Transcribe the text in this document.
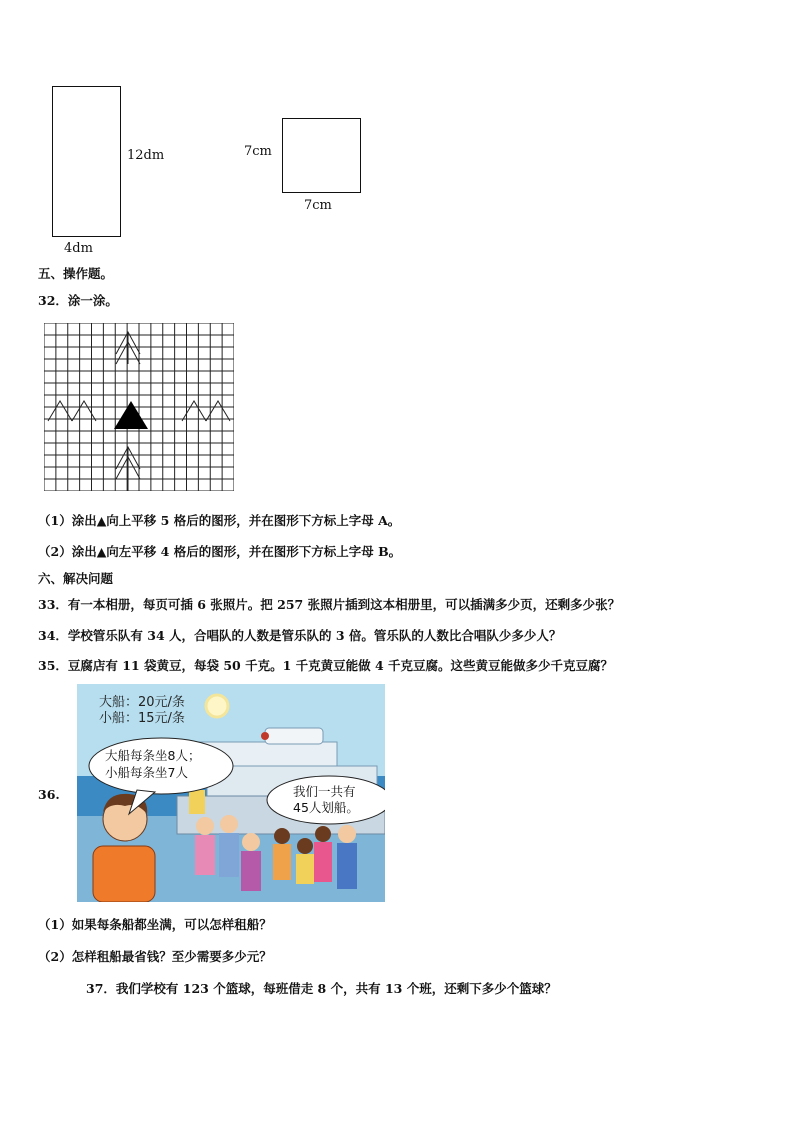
12dm
4dm
7cm
7cm
五、操作题。
32．涂一涂。
（1）涂出▲向上平移 5 格后的图形，并在图形下方标上字母 A。
（2）涂出▲向左平移 4 格后的图形，并在图形下方标上字母 B。
六、解决问题
33．有一本相册，每页可插 6 张照片。把 257 张照片插到这本相册里，可以插满多少页，还剩多少张？
34．学校管乐队有 34 人，合唱队的人数是管乐队的 3 倍。管乐队的人数比合唱队少多少人？
35．豆腐店有 11 袋黄豆，每袋 50 千克。1 千克黄豆能做 4 千克豆腐。这些黄豆能做多少千克豆腐？
36.
大船：20元/条
小船：15元/条
大船每条坐8人；
小船每条坐7人
我们一共有
45人划船。
（1）如果每条船都坐满，可以怎样租船？
（2）怎样租船最省钱？至少需要多少元？
37．我们学校有 123 个篮球，每班借走 8 个，共有 13 个班，还剩下多少个篮球？
